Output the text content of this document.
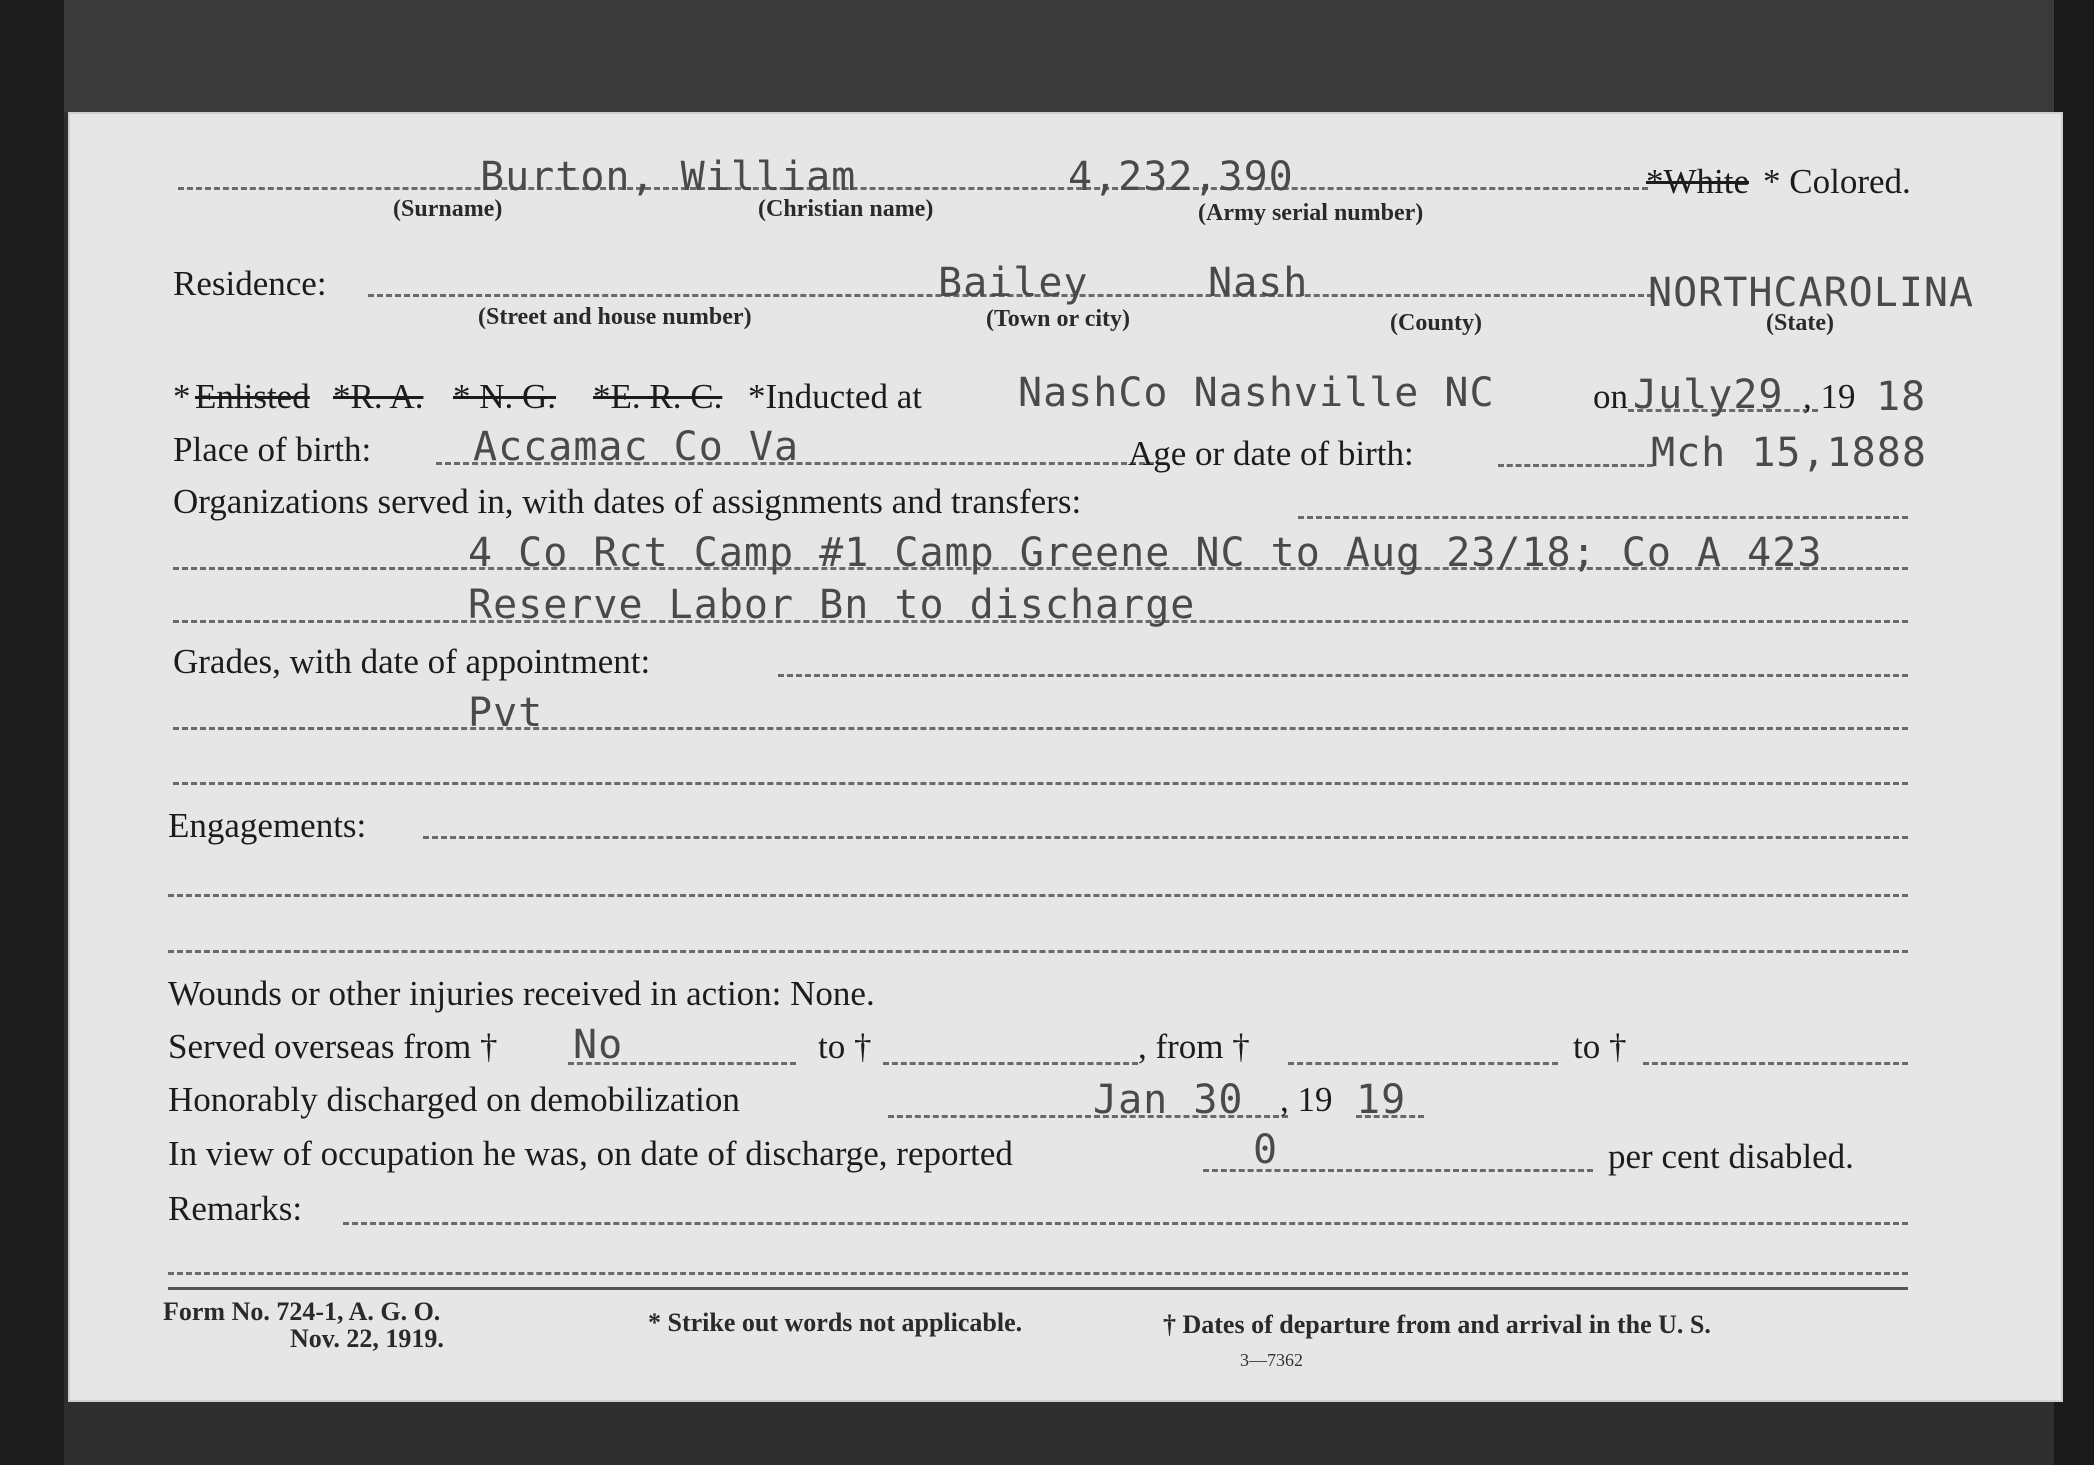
Burton, William	4,232,390	*White * Colored.
(Surname)	(Christian name)	(Army serial number)
Residence:	Bailey	Nash	NORTHCAROLINA
(Street and house number)	(Town or city)	(County)	(State)
* Enlisted *R. A. * N. G. *E. R. C. *Inducted at NashCo Nashville NC	on July29 , 19 18
Place of birth:	Accamac Co Va	Age or date of birth:	Mch 15,1888
Organizations served in, with dates of assignments and transfers:
4 Co Rct Camp #1 Camp Greene NC to Aug 23/18; Co A 423
Reserve Labor Bn to discharge
Grades, with date of appointment:
Pvt
Engagements:
Wounds or other injuries received in action: None.
Served overseas from † No	to †	, from †	to †
Honorably discharged on demobilization	Jan 30 , 19 19
In view of occupation he was, on date of discharge, reported	0	per cent disabled.
Remarks:
Form No. 724-1, A. G. O.
Nov. 22, 1919.
* Strike out words not applicable.	† Dates of departure from and arrival in the U. S.
3—7362
